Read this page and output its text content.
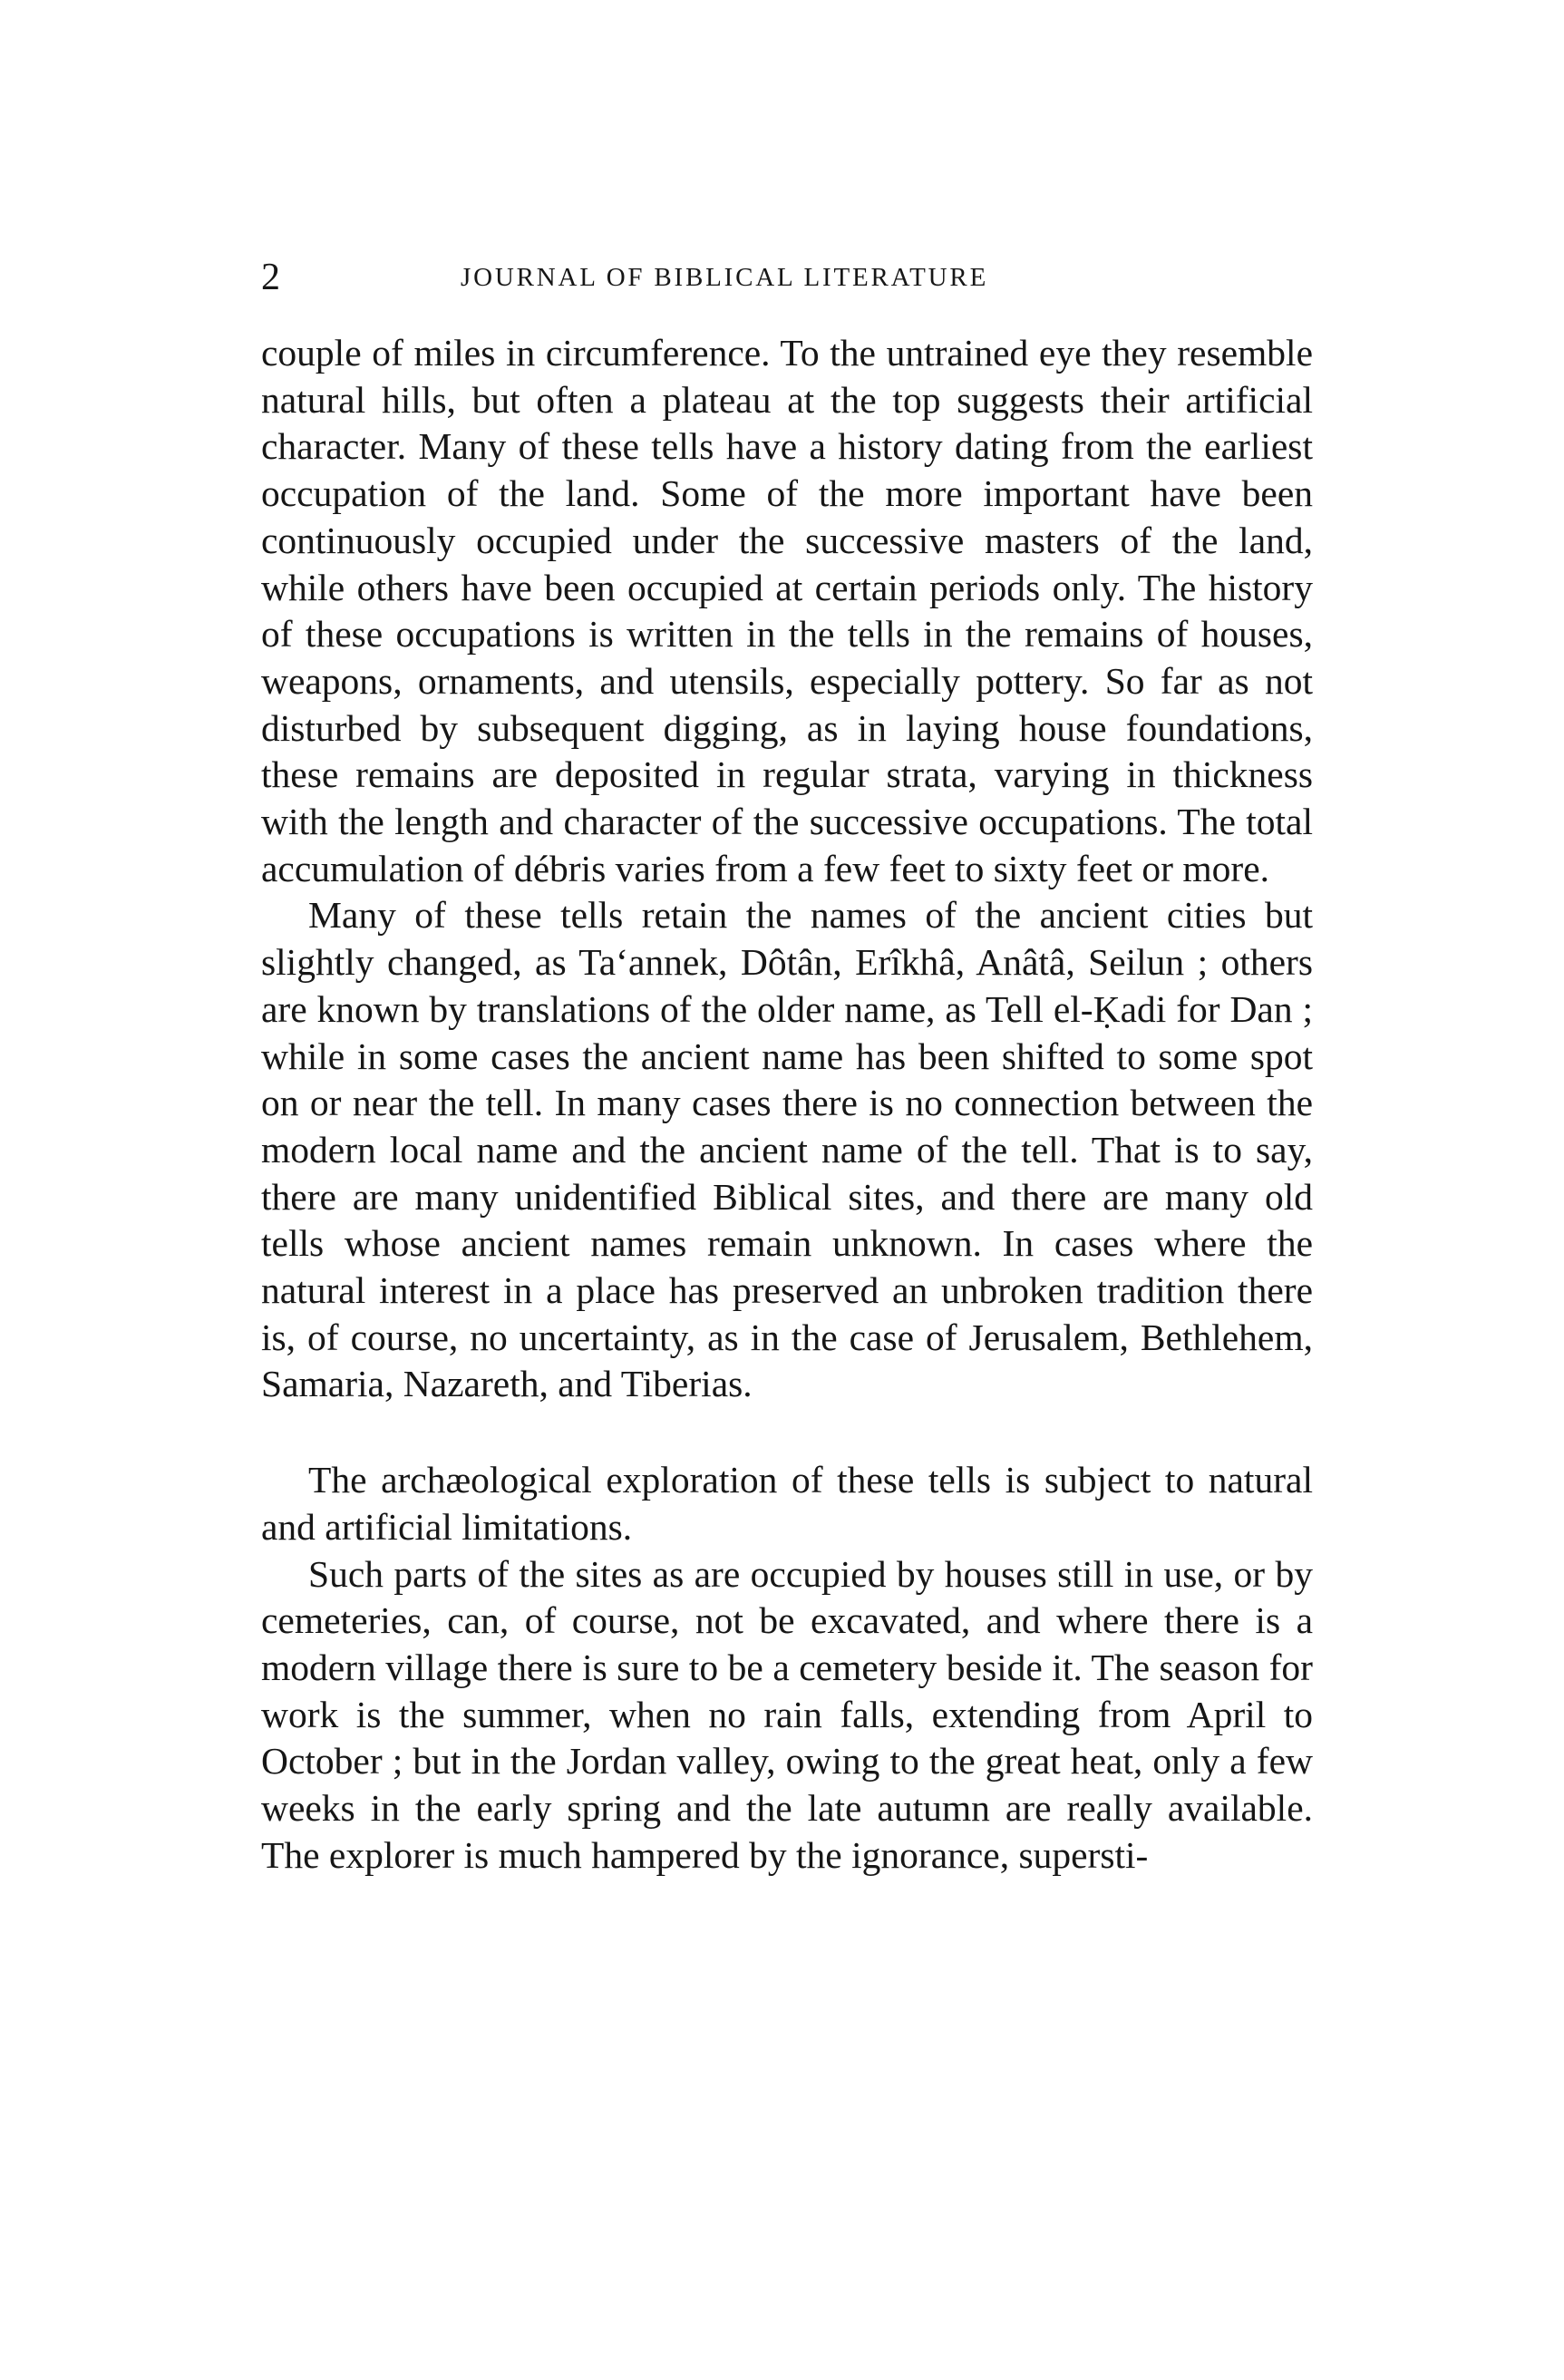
2	JOURNAL OF BIBLICAL LITERATURE

couple of miles in circumference. To the untrained eye they resemble natural hills, but often a plateau at the top suggests their artificial character. Many of these tells have a history dating from the earliest occupation of the land. Some of the more important have been continuously occupied under the successive masters of the land, while others have been occupied at certain periods only. The history of these occupations is written in the tells in the remains of houses, weapons, ornaments, and utensils, especially pottery. So far as not disturbed by subsequent digging, as in laying house foundations, these remains are deposited in regular strata, varying in thickness with the length and character of the successive occupations. The total accumulation of débris varies from a few feet to sixty feet or more.

Many of these tells retain the names of the ancient cities but slightly changed, as Ta‘annek, Dôtân, Erîkhâ, Anâtâ, Seilun ; others are known by translations of the older name, as Tell el-Ḳadi for Dan ; while in some cases the ancient name has been shifted to some spot on or near the tell. In many cases there is no connection between the modern local name and the ancient name of the tell. That is to say, there are many unidentified Biblical sites, and there are many old tells whose ancient names remain unknown. In cases where the natural interest in a place has preserved an unbroken tradition there is, of course, no uncertainty, as in the case of Jerusalem, Bethlehem, Samaria, Nazareth, and Tiberias.

The archæological exploration of these tells is subject to natural and artificial limitations.

Such parts of the sites as are occupied by houses still in use, or by cemeteries, can, of course, not be excavated, and where there is a modern village there is sure to be a cemetery beside it. The season for work is the summer, when no rain falls, extending from April to October ; but in the Jordan valley, owing to the great heat, only a few weeks in the early spring and the late autumn are really available. The explorer is much hampered by the ignorance, supersti-
